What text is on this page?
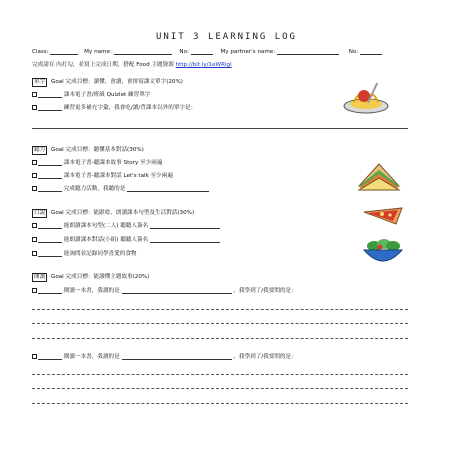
UNIT 3 LEARNING LOG
Class:	My name:	No:	My partner's name:	No:
完成請在 內打勾，並寫上完成日期，搭配 Food 主題資源 http://bit.ly/1eWRigl
單字 Goal 完成目標：讀懂、會讀，會拼寫課文單字(20%)
課本電子書/班級 Quizlet 練習單字
練習更多補充字彙，我會吃/讀/背課本以外的單字是：
聽力 Goal 完成目標：聽懂基本對話(30%)
課本電子書-聽課本故事 Story 至少兩遍
課本電子書-聽課本對話 Let's talk 至少兩遍
完成聽力活動，我聽的是
口說 Goal 完成目標：能跟唸、朗讀課本句型及生活對話(30%)
能朗讀課本句型(二人) 聽聽人簽名
能朗讀課本對話(小組) 聽聽人簽名
能詢問並記錄同學喜愛的食物
閱讀 Goal 完成目標：能讀懂主題故事(20%)
閱讀一本書，我讀的是	，我學到了/我要問的是：
閱讀一本書，我讀的是	，我學到了/我要問的是：
